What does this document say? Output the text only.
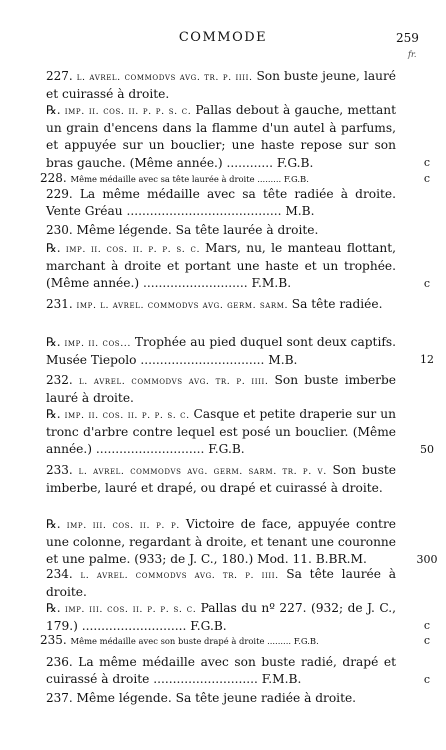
COMMODE	259
fr.
227. l. avrel. commodvs avg. tr. p. iiii. Son buste jeune, lauré et cuirassé à droite.
℞. imp. ii. cos. ii. p. p. s. c. Pallas debout à gauche, mettant un grain d'encens dans la flamme d'un autel à parfums, et appuyée sur un bouclier; une haste repose sur son bras gauche. (Même année.) ............ F.G.B.	c
228. Même médaille avec sa tête laurée à droite ......... F.G.B.	c
229. La même médaille avec sa tête radiée à droite. Vente Gréau ........................................ M.B.
230. Même légende. Sa tête laurée à droite.
℞. imp. ii. cos. ii. p. p. s. c. Mars, nu, le manteau flottant, marchant à droite et portant une haste et un trophée. (Même année.) ........................... F.M.B.	c
231. imp. l. avrel. commodvs avg. germ. sarm. Sa tête radiée.
℞. imp. ii. cos... Trophée au pied duquel sont deux captifs. Musée Tiepolo ................................ M.B.	12
232. l. avrel. commodvs avg. tr. p. iiii. Son buste imberbe lauré à droite.
℞. imp. ii. cos. ii. p. p. s. c. Casque et petite draperie sur un tronc d'arbre contre lequel est posé un bouclier. (Même année.) ............................ F.G.B.	50
233. l. avrel. commodvs avg. germ. sarm. tr. p. v. Son buste imberbe, lauré et drapé, ou drapé et cuirassé à droite.
℞. imp. iii. cos. ii. p. p. Victoire de face, appuyée contre une colonne, regardant à droite, et tenant une couronne et une palme. (933; de J. C., 180.) Mod. 11. B.BR.M.	300
234. l. avrel. commodvs avg. tr. p. iiii. Sa tête laurée à droite.
℞. imp. iii. cos. ii. p. p. s. c. Pallas du nº 227. (932; de J. C., 179.) ........................... F.G.B.	c
235. Même médaille avec son buste drapé à droite ......... F.G.B.	c
236. La même médaille avec son buste radié, drapé et cuirassé à droite ........................... F.M.B.	c
237. Même légende. Sa tête jeune radiée à droite.
